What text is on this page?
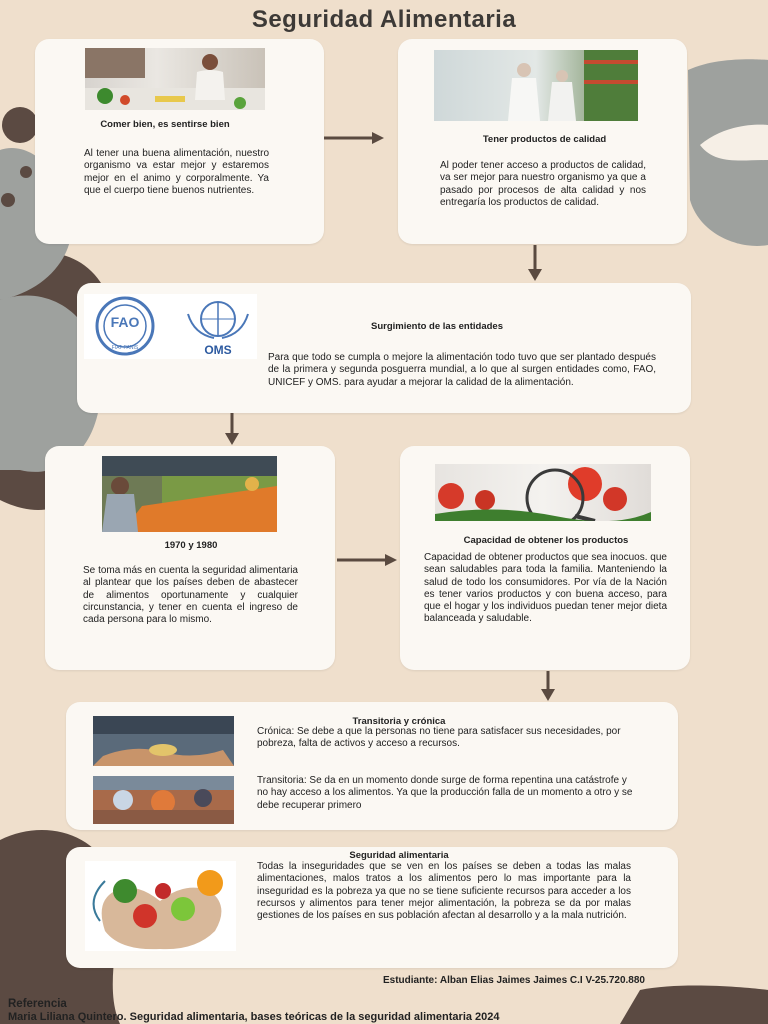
Seguridad Alimentaria

Comer bien, es sentirse bien

Al tener una buena alimentación, nuestro organismo va estar mejor y estaremos mejor en el animo y corporalmente. Ya que el cuerpo tiene buenos nutrientes.

Tener productos de calidad

Al poder tener acceso a productos de calidad, va ser mejor para nuestro organismo ya que a pasado por procesos de alta calidad y nos entregaría los productos de calidad.

FAO
FIAT PANIS	OMS

Surgimiento de las entidades

Para que todo se cumpla o mejore la alimentación todo tuvo que ser plantado después de la primera y segunda posguerra mundial, a lo que al surgen entidades como, FAO, UNICEF y OMS. para ayudar a mejorar la calidad de la alimentación.

1970 y 1980

Se toma más en cuenta la seguridad alimentaria al plantear que los países deben de abastecer de alimentos oportunamente y cualquier circunstancia, y tener en cuenta el ingreso de cada persona para lo mismo.

Capacidad de obtener los productos

Capacidad de obtener productos que sea inocuos. que sean saludables para toda la familia. Manteniendo la salud de todo los consumidores. Por vía de la Nación es tener varios productos y con buena acceso, para que el hogar y los individuos puedan tener mejor dieta balanceada y saludable.

Transitoria y crónica

Crónica: Se debe a que la personas no tiene para satisfacer sus necesidades, por pobreza, falta de activos y acceso a recursos.

Transitoria: Se da en un momento donde surge de forma repentina una catástrofe y no hay acceso a los alimentos. Ya que la producción falla de un momento a otro y se debe recuperar primero

Seguridad alimentaria

Todas la inseguridades que se ven en los países se deben a todas las malas alimentaciones, malos tratos a los alimentos pero lo mas importante para la inseguridad es la pobreza ya que no se tiene suficiente recursos para acceder a los recursos y alimentos para tener mejor alimentación, la pobreza se da por malas gestiones de los países en sus población afectan al desarrollo y a la mala nutrición.

Estudiante: Alban Elias Jaimes Jaimes C.I V-25.720.880

Referencia

Maria Liliana Quintero. Seguridad alimentaria, bases teóricas de la seguridad alimentaria 2024
